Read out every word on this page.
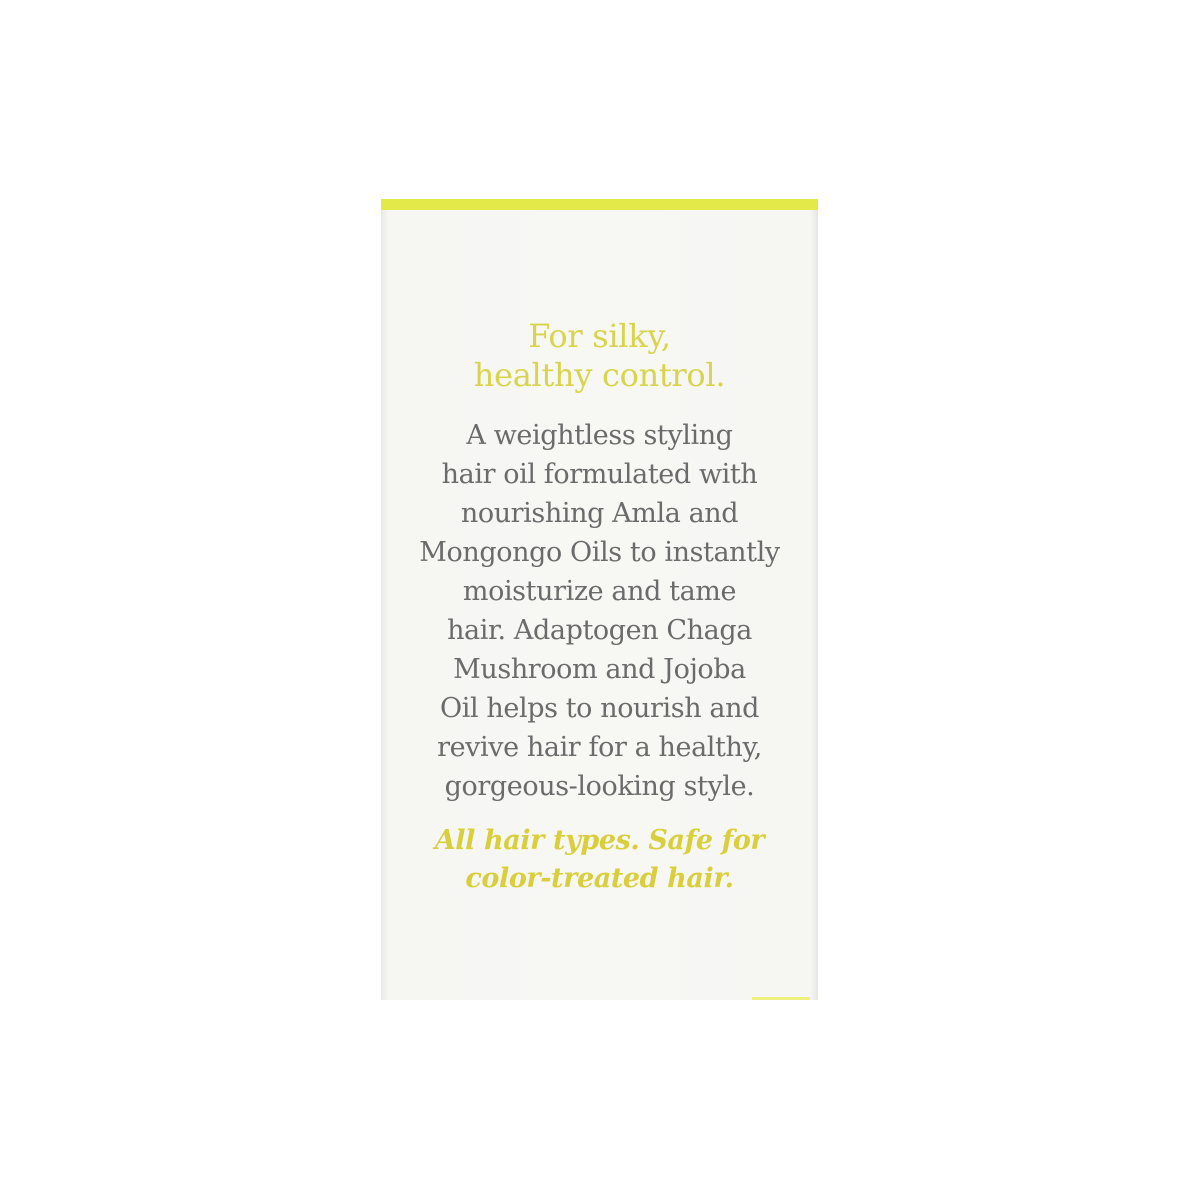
For silky,
healthy control.
A weightless styling
hair oil formulated with
nourishing Amla and
Mongongo Oils to instantly
moisturize and tame
hair. Adaptogen Chaga
Mushroom and Jojoba
Oil helps to nourish and
revive hair for a healthy,
gorgeous-looking style.
All hair types. Safe for
color-treated hair.
